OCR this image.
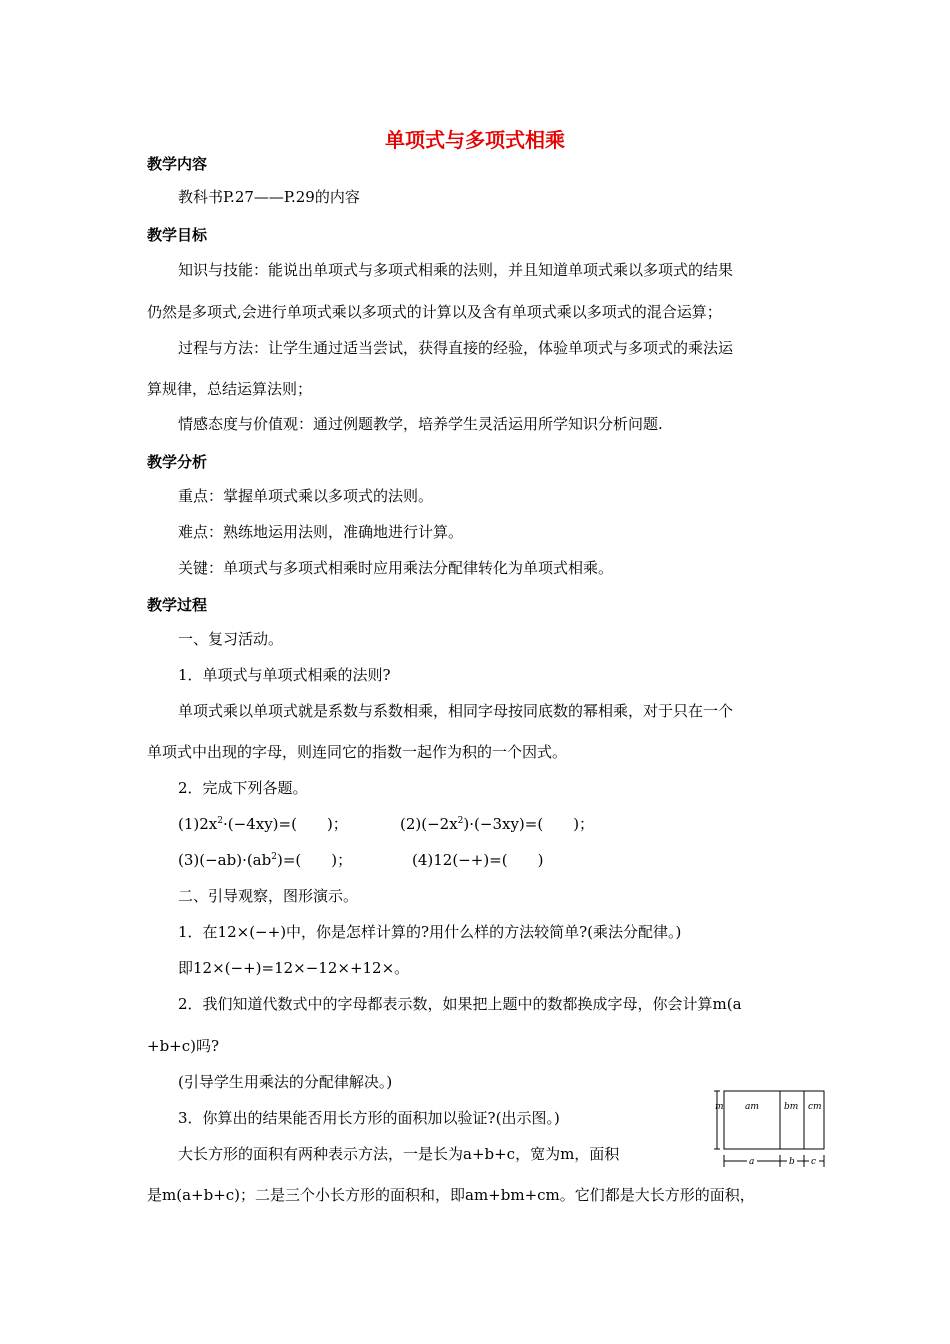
单项式与多项式相乘
教学内容
教科书P.27——P.29的内容
教学目标
知识与技能：能说出单项式与多项式相乘的法则，并且知道单项式乘以多项式的结果
仍然是多项式,会进行单项式乘以多项式的计算以及含有单项式乘以多项式的混合运算；
过程与方法：让学生通过适当尝试，获得直接的经验，体验单项式与多项式的乘法运
算规律，总结运算法则；
情感态度与价值观：通过例题教学，培养学生灵活运用所学知识分析问题.
教学分析
重点：掌握单项式乘以多项式的法则。
难点：熟练地运用法则，准确地进行计算。
关键：单项式与多项式相乘时应用乘法分配律转化为单项式相乘。
教学过程
一、复习活动。
1．单项式与单项式相乘的法则?
单项式乘以单项式就是系数与系数相乘，相同字母按同底数的幂相乘，对于只在一个
单项式中出现的字母，则连同它的指数一起作为积的一个因式。
2．完成下列各题。
$(1)2x^2\cdot(-4xy)=$(　　)；	$(2)(-2x^2)\cdot(-3xy)=$(　　)；
$(3)(-ab)\cdot(ab^2)=$(　　)；	(4)12(−+)=(　　)
二、引导观察，图形演示。
1．在12×(−+)中，你是怎样计算的?用什么样的方法较简单?(乘法分配律。)
即12×(−+)=12×−12×+12×。
2．我们知道代数式中的字母都表示数，如果把上题中的数都换成字母，你会计算m(a
+b+c)吗?
(引导学生用乘法的分配律解决。)
3．你算出的结果能否用长方形的面积加以验证?(出示图。)
大长方形的面积有两种表示方法，一是长为a+b+c，宽为m，面积
是m(a+b+c)；二是三个小长方形的面积和，即am+bm+cm。它们都是大长方形的面积，
m am	bm cm
a	b c
